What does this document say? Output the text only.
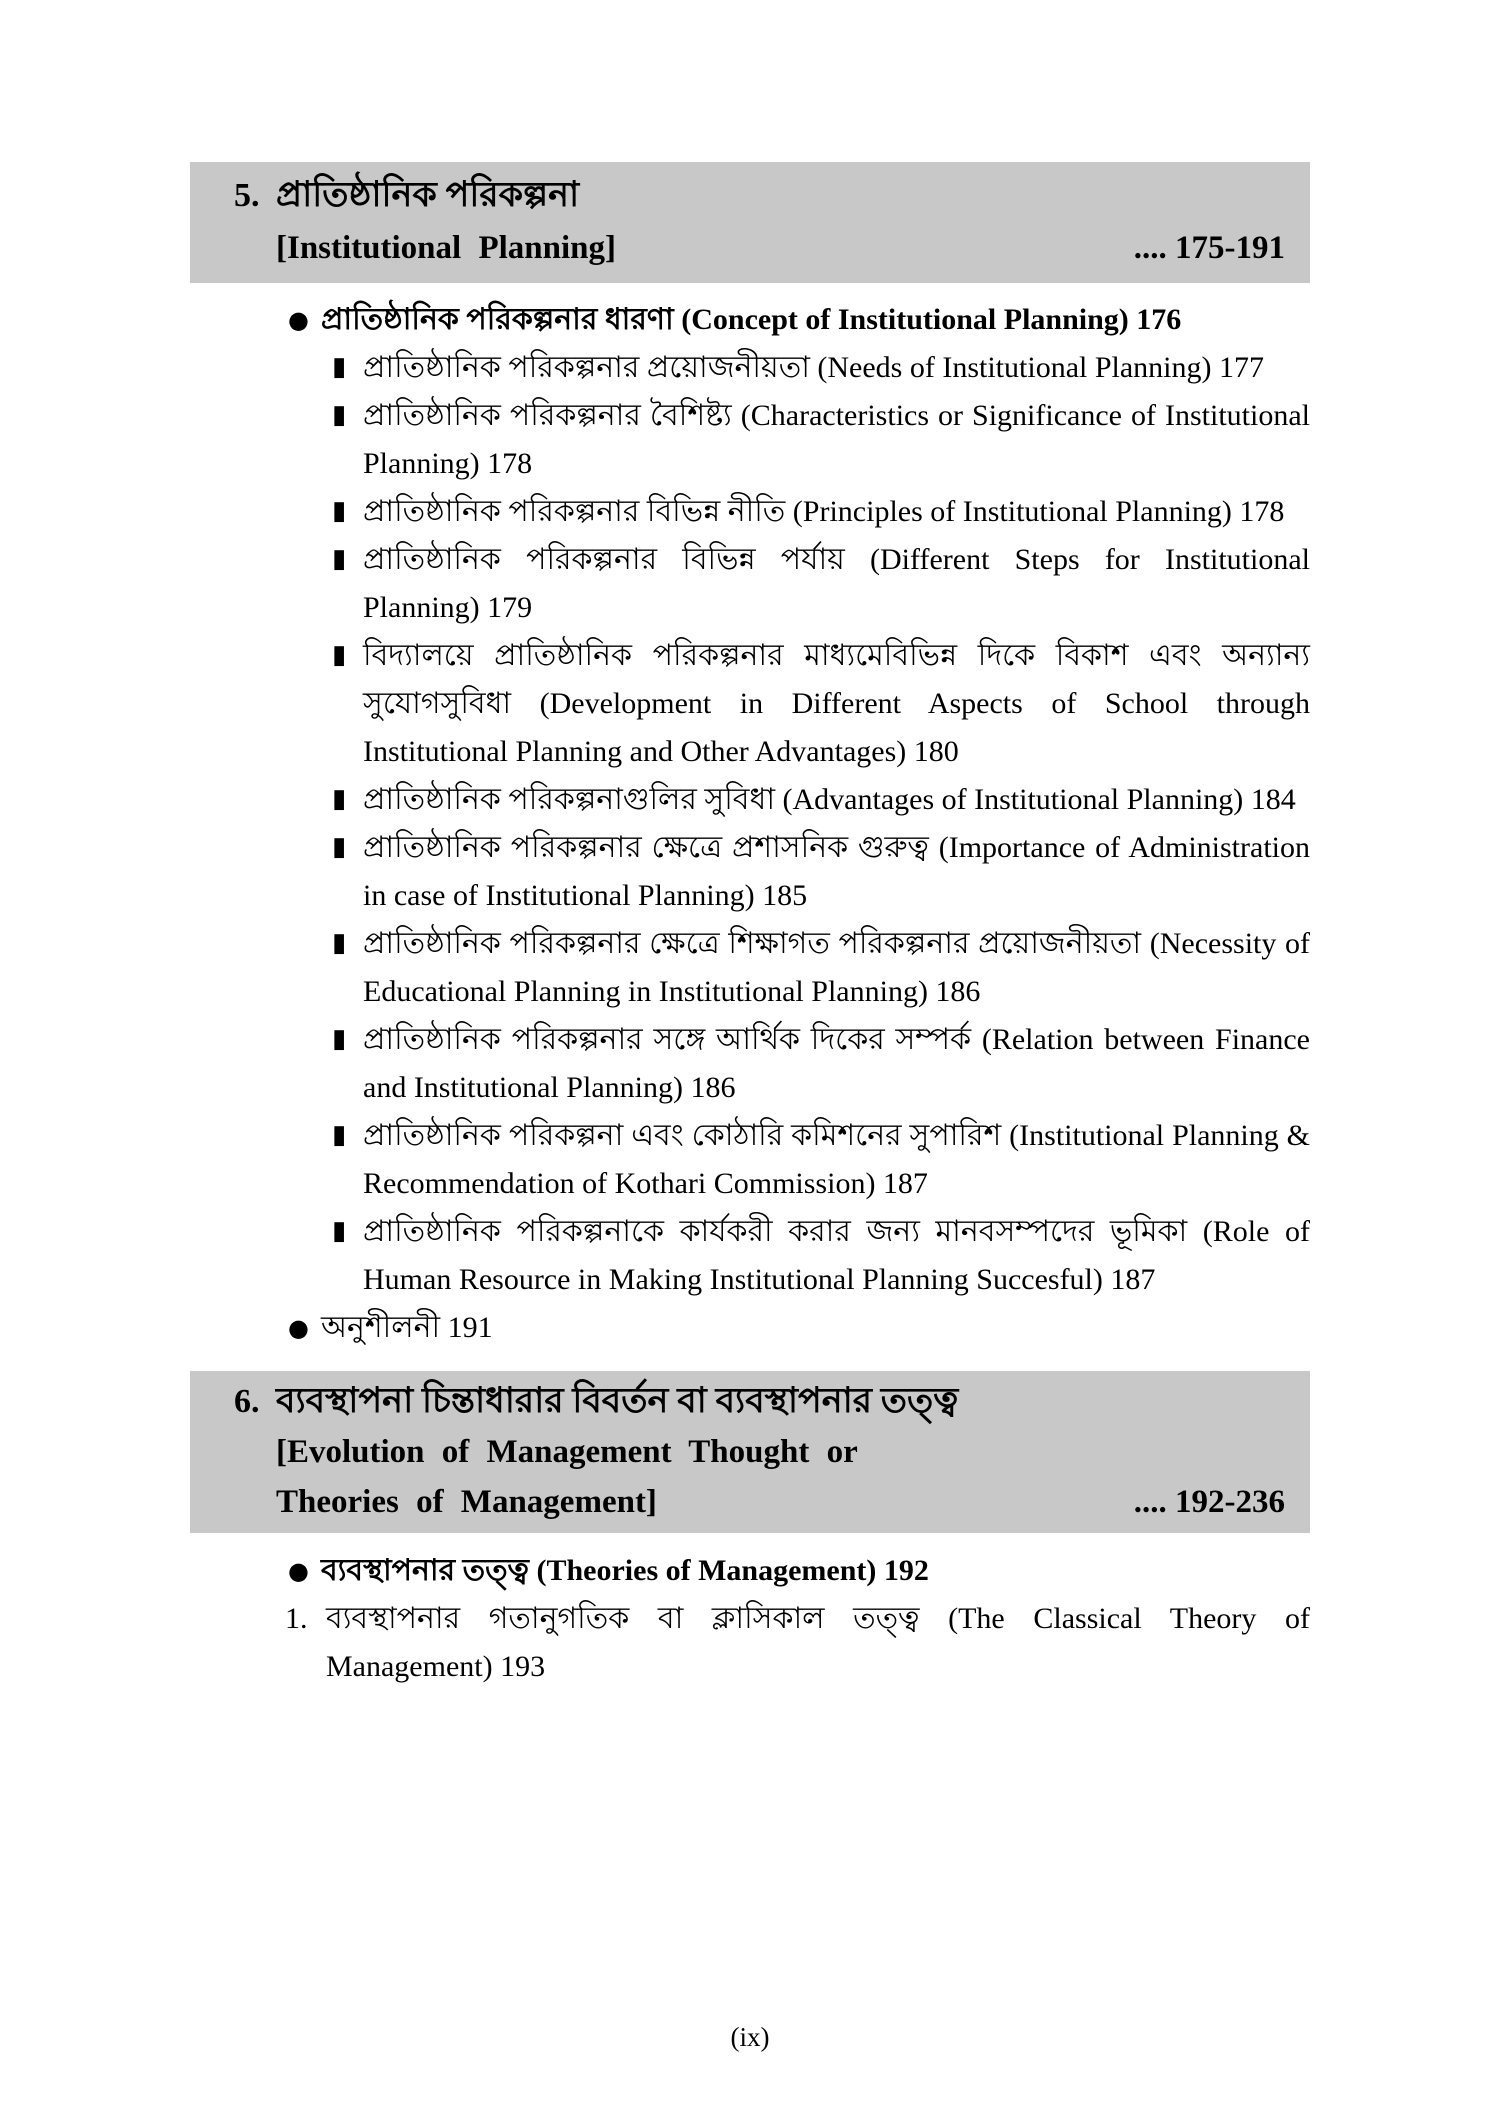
5. প্রাতিষ্ঠানিক পরিকল্পনা
[Institutional Planning]	.... 175-191
● প্রাতিষ্ঠানিক পরিকল্পনার ধারণা (Concept of Institutional Planning) 176
▮ প্রাতিষ্ঠানিক পরিকল্পনার প্রয়োজনীয়তা (Needs of Institutional Planning) 177
▮ প্রাতিষ্ঠানিক পরিকল্পনার বৈশিষ্ট্য (Characteristics or Significance of Institutional Planning) 178
▮ প্রাতিষ্ঠানিক পরিকল্পনার বিভিন্ন নীতি (Principles of Institutional Planning) 178
▮ প্রাতিষ্ঠানিক পরিকল্পনার বিভিন্ন পর্যায় (Different Steps for Institutional Planning) 179
▮ বিদ্যালয়ে প্রাতিষ্ঠানিক পরিকল্পনার মাধ্যমেবিভিন্ন দিকে বিকাশ এবং অন্যান্য সুযোগসুবিধা (Development in Different Aspects of School through Institutional Planning and Other Advantages) 180
▮ প্রাতিষ্ঠানিক পরিকল্পনাগুলির সুবিধা (Advantages of Institutional Planning) 184
▮ প্রাতিষ্ঠানিক পরিকল্পনার ক্ষেত্রে প্রশাসনিক গুরুত্ব (Importance of Administration in case of Institutional Planning) 185
▮ প্রাতিষ্ঠানিক পরিকল্পনার ক্ষেত্রে শিক্ষাগত পরিকল্পনার প্রয়োজনীয়তা (Necessity of Educational Planning in Institutional Planning) 186
▮ প্রাতিষ্ঠানিক পরিকল্পনার সঙ্গে আর্থিক দিকের সম্পর্ক (Relation between Finance and Institutional Planning) 186
▮ প্রাতিষ্ঠানিক পরিকল্পনা এবং কোঠারি কমিশনের সুপারিশ (Institutional Planning & Recommendation of Kothari Commission) 187
▮ প্রাতিষ্ঠানিক পরিকল্পনাকে কার্যকরী করার জন্য মানবসম্পদের ভূমিকা (Role of Human Resource in Making Institutional Planning Succesful) 187
● অনুশীলনী 191
6. ব্যবস্থাপনা চিন্তাধারার বিবর্তন বা ব্যবস্থাপনার তত্ত্ব
[Evolution of Management Thought or
Theories of Management]	.... 192-236
● ব্যবস্থাপনার তত্ত্ব (Theories of Management) 192
1. ব্যবস্থাপনার গতানুগতিক বা ক্লাসিকাল তত্ত্ব (The Classical Theory of Management) 193
(ix)
